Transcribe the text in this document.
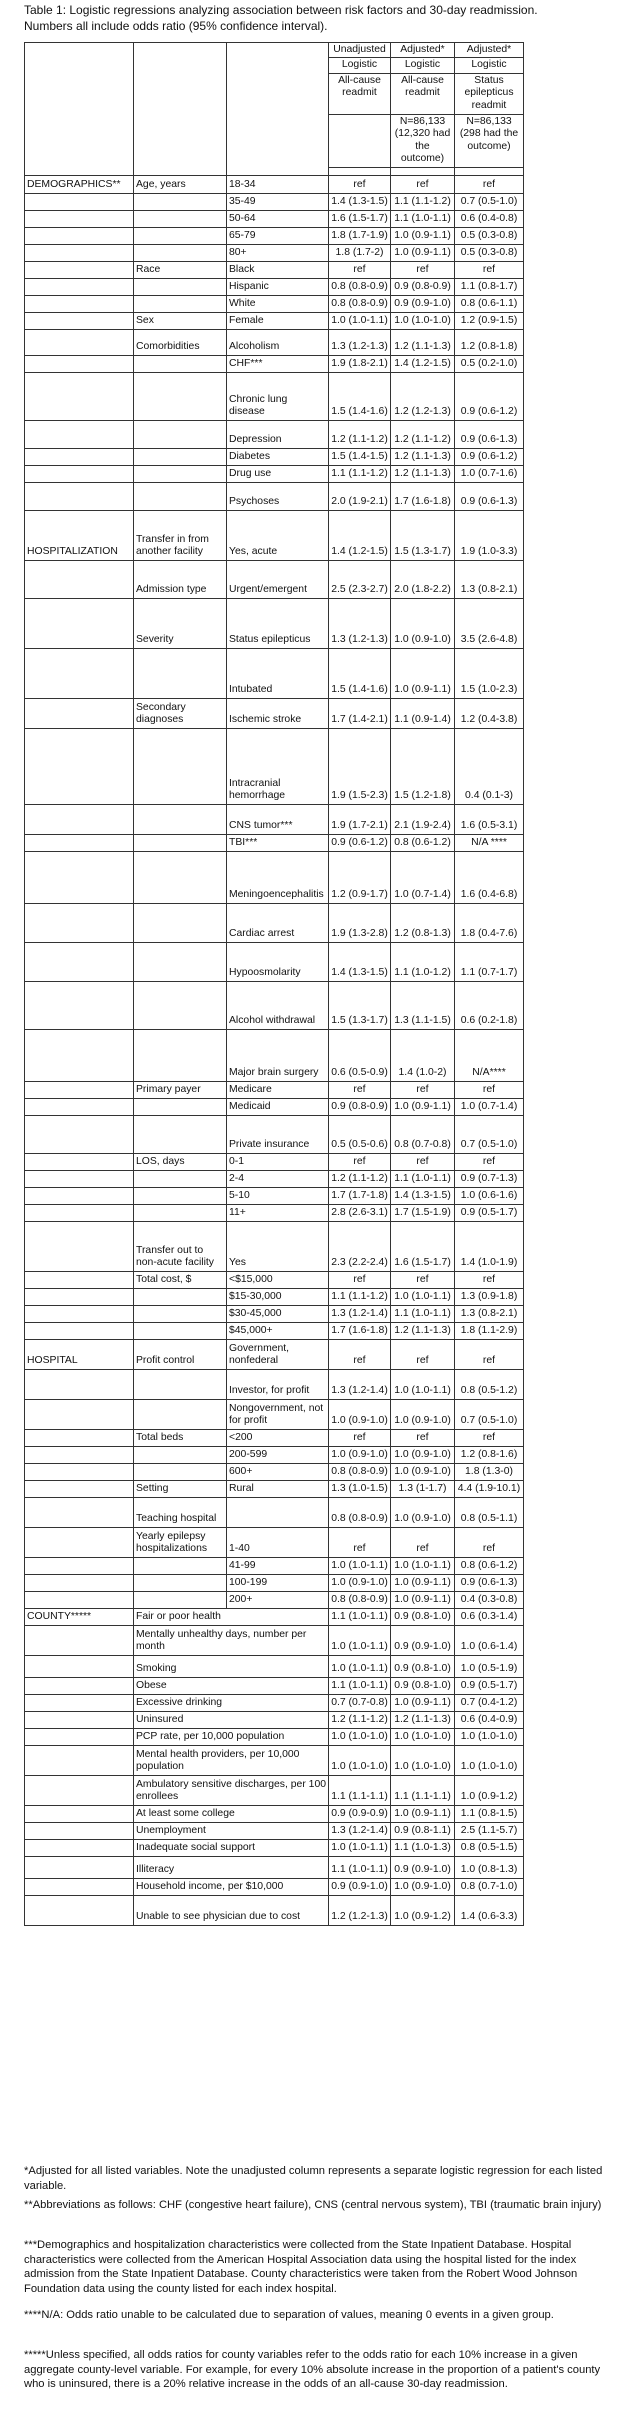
Table 1: Logistic regressions analyzing association between risk factors and 30-day readmission.
Numbers all include odds ratio (95% confidence interval).
			Unadjusted	Adjusted*	Adjusted*
			Logistic	Logistic	Logistic
			All-cause readmit	All-cause readmit	Status epilepticus readmit
				N=86,133 (12,320 had the outcome)	N=86,133 (298 had the outcome)

DEMOGRAPHICS**	Age, years	18-34	ref	ref	ref
		35-49	1.4 (1.3-1.5)	1.1 (1.1-1.2)	0.7 (0.5-1.0)
		50-64	1.6 (1.5-1.7)	1.1 (1.0-1.1)	0.6 (0.4-0.8)
		65-79	1.8 (1.7-1.9)	1.0 (0.9-1.1)	0.5 (0.3-0.8)
		80+	1.8 (1.7-2)	1.0 (0.9-1.1)	0.5 (0.3-0.8)
	Race	Black	ref	ref	ref
		Hispanic	0.8 (0.8-0.9)	0.9 (0.8-0.9)	1.1 (0.8-1.7)
		White	0.8 (0.8-0.9)	0.9 (0.9-1.0)	0.8 (0.6-1.1)
	Sex	Female	1.0 (1.0-1.1)	1.0 (1.0-1.0)	1.2 (0.9-1.5)
	Comorbidities	Alcoholism	1.3 (1.2-1.3)	1.2 (1.1-1.3)	1.2 (0.8-1.8)
		CHF***	1.9 (1.8-2.1)	1.4 (1.2-1.5)	0.5 (0.2-1.0)
		Chronic lung disease	1.5 (1.4-1.6)	1.2 (1.2-1.3)	0.9 (0.6-1.2)
		Depression	1.2 (1.1-1.2)	1.2 (1.1-1.2)	0.9 (0.6-1.3)
		Diabetes	1.5 (1.4-1.5)	1.2 (1.1-1.3)	0.9 (0.6-1.2)
		Drug use	1.1 (1.1-1.2)	1.2 (1.1-1.3)	1.0 (0.7-1.6)
		Psychoses	2.0 (1.9-2.1)	1.7 (1.6-1.8)	0.9 (0.6-1.3)
HOSPITALIZATION	Transfer in from another facility	Yes, acute	1.4 (1.2-1.5)	1.5 (1.3-1.7)	1.9 (1.0-3.3)
	Admission type	Urgent/emergent	2.5 (2.3-2.7)	2.0 (1.8-2.2)	1.3 (0.8-2.1)
	Severity	Status epilepticus	1.3 (1.2-1.3)	1.0 (0.9-1.0)	3.5 (2.6-4.8)
		Intubated	1.5 (1.4-1.6)	1.0 (0.9-1.1)	1.5 (1.0-2.3)
	Secondary diagnoses	Ischemic stroke	1.7 (1.4-2.1)	1.1 (0.9-1.4)	1.2 (0.4-3.8)
		Intracranial hemorrhage	1.9 (1.5-2.3)	1.5 (1.2-1.8)	0.4 (0.1-3)
		CNS tumor***	1.9 (1.7-2.1)	2.1 (1.9-2.4)	1.6 (0.5-3.1)
		TBI***	0.9 (0.6-1.2)	0.8 (0.6-1.2)	N/A ****
		Meningoencephalitis	1.2 (0.9-1.7)	1.0 (0.7-1.4)	1.6 (0.4-6.8)
		Cardiac arrest	1.9 (1.3-2.8)	1.2 (0.8-1.3)	1.8 (0.4-7.6)
		Hypoosmolarity	1.4 (1.3-1.5)	1.1 (1.0-1.2)	1.1 (0.7-1.7)
		Alcohol withdrawal	1.5 (1.3-1.7)	1.3 (1.1-1.5)	0.6 (0.2-1.8)
		Major brain surgery	0.6 (0.5-0.9)	1.4 (1.0-2)	N/A****
	Primary payer	Medicare	ref	ref	ref
		Medicaid	0.9 (0.8-0.9)	1.0 (0.9-1.1)	1.0 (0.7-1.4)
		Private insurance	0.5 (0.5-0.6)	0.8 (0.7-0.8)	0.7 (0.5-1.0)
	LOS, days	0-1	ref	ref	ref
		2-4	1.2 (1.1-1.2)	1.1 (1.0-1.1)	0.9 (0.7-1.3)
		5-10	1.7 (1.7-1.8)	1.4 (1.3-1.5)	1.0 (0.6-1.6)
		11+	2.8 (2.6-3.1)	1.7 (1.5-1.9)	0.9 (0.5-1.7)
	Transfer out to non-acute facility	Yes	2.3 (2.2-2.4)	1.6 (1.5-1.7)	1.4 (1.0-1.9)
	Total cost, $	<$15,000	ref	ref	ref
		$15-30,000	1.1 (1.1-1.2)	1.0 (1.0-1.1)	1.3 (0.9-1.8)
		$30-45,000	1.3 (1.2-1.4)	1.1 (1.0-1.1)	1.3 (0.8-2.1)
		$45,000+	1.7 (1.6-1.8)	1.2 (1.1-1.3)	1.8 (1.1-2.9)
HOSPITAL	Profit control	Government, nonfederal	ref	ref	ref
		Investor, for profit	1.3 (1.2-1.4)	1.0 (1.0-1.1)	0.8 (0.5-1.2)
		Nongovernment, not for profit	1.0 (0.9-1.0)	1.0 (0.9-1.0)	0.7 (0.5-1.0)
	Total beds	<200	ref	ref	ref
		200-599	1.0 (0.9-1.0)	1.0 (0.9-1.0)	1.2 (0.8-1.6)
		600+	0.8 (0.8-0.9)	1.0 (0.9-1.0)	1.8 (1.3-0)
	Setting	Rural	1.3 (1.0-1.5)	1.3 (1-1.7)	4.4 (1.9-10.1)
	Teaching hospital		0.8 (0.8-0.9)	1.0 (0.9-1.0)	0.8 (0.5-1.1)
	Yearly epilepsy hospitalizations	1-40	ref	ref	ref
		41-99	1.0 (1.0-1.1)	1.0 (1.0-1.1)	0.8 (0.6-1.2)
		100-199	1.0 (0.9-1.0)	1.0 (0.9-1.1)	0.9 (0.6-1.3)
		200+	0.8 (0.8-0.9)	1.0 (0.9-1.1)	0.4 (0.3-0.8)
COUNTY*****	Fair or poor health		1.1 (1.0-1.1)	0.9 (0.8-1.0)	0.6 (0.3-1.4)
	Mentally unhealthy days, number per month		1.0 (1.0-1.1)	0.9 (0.9-1.0)	1.0 (0.6-1.4)
	Smoking		1.0 (1.0-1.1)	0.9 (0.8-1.0)	1.0 (0.5-1.9)
	Obese		1.1 (1.0-1.1)	0.9 (0.8-1.0)	0.9 (0.5-1.7)
	Excessive drinking		0.7 (0.7-0.8)	1.0 (0.9-1.1)	0.7 (0.4-1.2)
	Uninsured		1.2 (1.1-1.2)	1.2 (1.1-1.3)	0.6 (0.4-0.9)
	PCP rate, per 10,000 population		1.0 (1.0-1.0)	1.0 (1.0-1.0)	1.0 (1.0-1.0)
	Mental health providers, per 10,000 population		1.0 (1.0-1.0)	1.0 (1.0-1.0)	1.0 (1.0-1.0)
	Ambulatory sensitive discharges, per 100 enrollees		1.1 (1.1-1.1)	1.1 (1.1-1.1)	1.0 (0.9-1.2)
	At least some college		0.9 (0.9-0.9)	1.0 (0.9-1.1)	1.1 (0.8-1.5)
	Unemployment		1.3 (1.2-1.4)	0.9 (0.8-1.1)	2.5 (1.1-5.7)
	Inadequate social support		1.0 (1.0-1.1)	1.1 (1.0-1.3)	0.8 (0.5-1.5)
	Illiteracy		1.1 (1.0-1.1)	0.9 (0.9-1.0)	1.0 (0.8-1.3)
	Household income, per $10,000		0.9 (0.9-1.0)	1.0 (0.9-1.0)	0.8 (0.7-1.0)
	Unable to see physician due to cost		1.2 (1.2-1.3)	1.0 (0.9-1.2)	1.4 (0.6-3.3)

*Adjusted for all listed variables. Note the unadjusted column represents a separate logistic regression for each listed variable.

**Abbreviations as follows: CHF (congestive heart failure), CNS (central nervous system), TBI (traumatic brain injury)

***Demographics and hospitalization characteristics were collected from the State Inpatient Database. Hospital characteristics were collected from the American Hospital Association data using the hospital listed for the index admission from the State Inpatient Database. County characteristics were taken from the Robert Wood Johnson Foundation data using the county listed for each index hospital.

****N/A: Odds ratio unable to be calculated due to separation of values, meaning 0 events in a given group.

*****Unless specified, all odds ratios for county variables refer to the odds ratio for each 10% increase in a given aggregate county-level variable. For example, for every 10% absolute increase in the proportion of a patient's county who is uninsured, there is a 20% relative increase in the odds of an all-cause 30-day readmission.
